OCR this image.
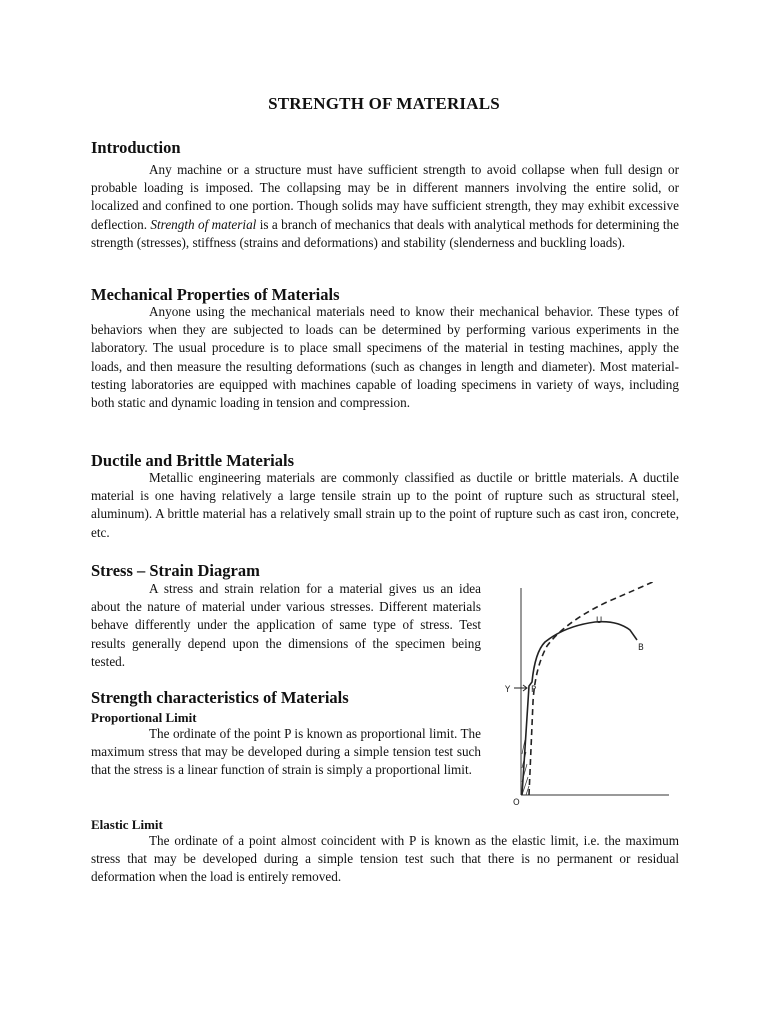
STRENGTH OF MATERIALS
Introduction
Any machine or a structure must have sufficient strength to avoid collapse when full design or probable loading is imposed. The collapsing may be in different manners involving the entire solid, or localized and confined to one portion. Though solids may have sufficient strength, they may exhibit excessive deflection. Strength of material is a branch of mechanics that deals with analytical methods for determining the strength (stresses), stiffness (strains and deformations) and stability (slenderness and buckling loads).
Mechanical Properties of Materials
Anyone using the mechanical materials need to know their mechanical behavior. These types of behaviors when they are subjected to loads can be determined by performing various experiments in the laboratory. The usual procedure is to place small specimens of the material in testing machines, apply the loads, and then measure the resulting deformations (such as changes in length and diameter). Most material-testing laboratories are equipped with machines capable of loading specimens in variety of ways, including both static and dynamic loading in tension and compression.
Ductile and Brittle Materials
Metallic engineering materials are commonly classified as ductile or brittle materials. A ductile material is one having relatively a large tensile strain up to the point of rupture such as structural steel, aluminum). A brittle material has a relatively small strain up to the point of rupture such as cast iron, concrete, etc.
Stress – Strain Diagram
A stress and strain relation for a material gives us an idea about the nature of material under various stresses. Different materials behave differently under the application of same type of stress. Test results generally depend upon the dimensions of the specimen being tested.
Strength characteristics of Materials
Proportional Limit
The ordinate of the point P is known as proportional limit. The maximum stress that may be developed during a simple tension test such that the stress is a linear function of strain is simply a proportional limit.
Elastic Limit
The ordinate of a point almost coincident with P is known as the elastic limit, i.e. the maximum stress that may be developed during a simple tension test such that there is no permanent or residual deformation when the load is entirely removed.
Y P
U
B
O
